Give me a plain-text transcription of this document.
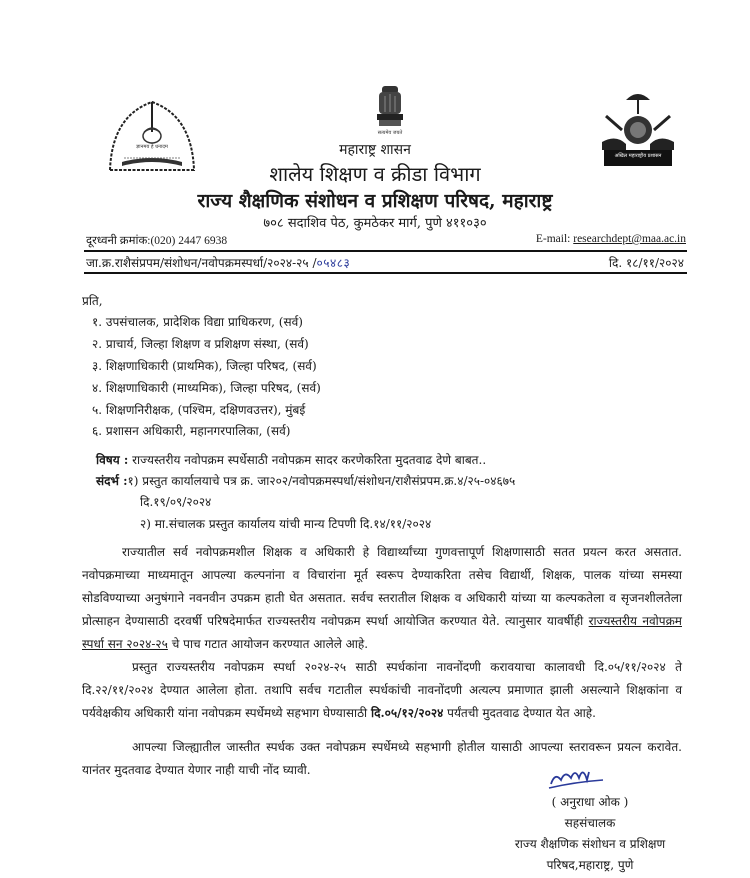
ज्ञानमय हे धनादम
सत्यमेव जयते
अखिल महाराष्ट्रीय प्रशासन
महाराष्ट्र शासन
शालेय शिक्षण व क्रीडा विभाग
राज्य शैक्षणिक संशोधन व प्रशिक्षण परिषद, महाराष्ट्र
७०८ सदाशिव पेठ, कुमठेकर मार्ग, पुणे ४११०३०
दूरध्वनी क्रमांक:(020) 2447 6938	E-mail: researchdept@maa.ac.in
जा.क्र.राशैसंप्रपम/संशोधन/नवोपक्रमस्पर्धा/२०२४-२५ /०५४८३	दि. १८/११/२०२४
प्रति,
१. उपसंचालक, प्रादेशिक विद्या प्राधिकरण, (सर्व)
२. प्राचार्य, जिल्हा शिक्षण व प्रशिक्षण संस्था, (सर्व)
३. शिक्षणाधिकारी (प्राथमिक), जिल्हा परिषद, (सर्व)
४. शिक्षणाधिकारी (माध्यमिक), जिल्हा परिषद, (सर्व)
५. शिक्षणनिरीक्षक, (पश्चिम, दक्षिणवउत्तर), मुंबई
६. प्रशासन अधिकारी, महानगरपालिका, (सर्व)
विषय : राज्यस्तरीय नवोपक्रम स्पर्धेसाठी नवोपक्रम सादर करणेकरिता मुदतवाढ देणे बाबत..
संदर्भ :१) प्रस्तुत कार्यालयाचे पत्र क्र. जा२०२/नवोपक्रमस्पर्धा/संशोधन/राशैसंप्रपम.क्र.४/२५-०४६७५
दि.१९/०९/२०२४
२) मा.संचालक प्रस्तुत कार्यालय यांची मान्य टिपणी दि.१४/११/२०२४
राज्यातील सर्व नवोपक्रमशील शिक्षक व अधिकारी हे विद्यार्थ्यांच्या गुणवत्तापूर्ण शिक्षणासाठी सतत प्रयत्न करत असतात. नवोपक्रमाच्या माध्यमातून आपल्या कल्पनांना व विचारांना मूर्त स्वरूप देण्याकरिता तसेच विद्यार्थी, शिक्षक, पालक यांच्या समस्या सोडविण्याच्या अनुषंगाने नवनवीन उपक्रम हाती घेत असतात. सर्वच स्तरातील शिक्षक व अधिकारी यांच्या या कल्पकतेला व सृजनशीलतेला प्रोत्साहन देण्यासाठी दरवर्षी परिषदेमार्फत राज्यस्तरीय नवोपक्रम स्पर्धा आयोजित करण्यात येते. त्यानुसार यावर्षीही राज्यस्तरीय नवोपक्रम स्पर्धा सन २०२४-२५ चे पाच गटात आयोजन करण्यात आलेले आहे.
प्रस्तुत राज्यस्तरीय नवोपक्रम स्पर्धा २०२४-२५ साठी स्पर्धकांना नावनोंदणी करावयाचा कालावधी दि.०५/११/२०२४ ते दि.२२/११/२०२४ देण्यात आलेला होता. तथापि सर्वच गटातील स्पर्धकांची नावनोंदणी अत्यल्प प्रमाणात झाली असल्याने शिक्षकांना व पर्यवेक्षकीय अधिकारी यांना नवोपक्रम स्पर्धेमध्ये सहभाग घेण्यासाठी दि.०५/१२/२०२४ पर्यंतची मुदतवाढ देण्यात येत आहे.
आपल्या जिल्ह्यातील जास्तीत स्पर्धक उक्त नवोपक्रम स्पर्धेमध्ये सहभागी होतील यासाठी आपल्या स्तरावरून प्रयत्न करावेत. यानंतर मुदतवाढ देण्यात येणार नाही याची नोंद घ्यावी.
( अनुराधा ओक )
सहसंचालक
राज्य शैक्षणिक संशोधन व प्रशिक्षण
परिषद,महाराष्ट्र, पुणे
